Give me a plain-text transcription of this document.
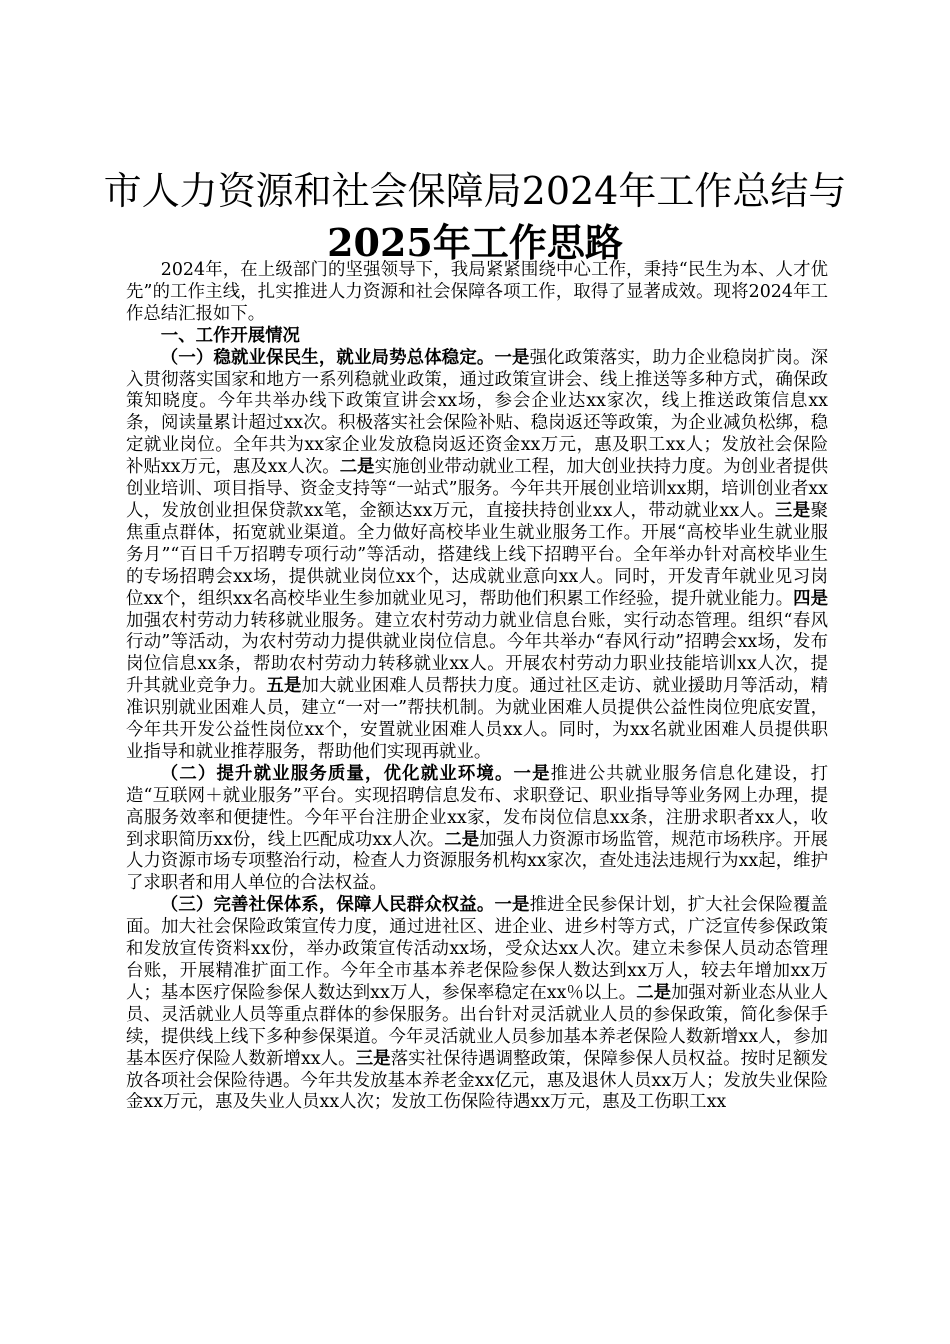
市人力资源和社会保障局2024年工作总结与
2025年工作思路

2024年，在上级部门的坚强领导下，我局紧紧围绕中心工作，秉持“民生为本、人才优先”的工作主线，扎实推进人力资源和社会保障各项工作，取得了显著成效。现将2024年工作总结汇报如下。

一、工作开展情况

（一）稳就业保民生，就业局势总体稳定。一是强化政策落实，助力企业稳岗扩岗。深入贯彻落实国家和地方一系列稳就业政策，通过政策宣讲会、线上推送等多种方式，确保政策知晓度。今年共举办线下政策宣讲会xx场，参会企业达xx家次，线上推送政策信息xx条，阅读量累计超过xx次。积极落实社会保险补贴、稳岗返还等政策，为企业减负松绑，稳定就业岗位。全年共为xx家企业发放稳岗返还资金xx万元，惠及职工xx人；发放社会保险补贴xx万元，惠及xx人次。二是实施创业带动就业工程，加大创业扶持力度。为创业者提供创业培训、项目指导、资金支持等“一站式”服务。今年共开展创业培训xx期，培训创业者xx人，发放创业担保贷款xx笔，金额达xx万元，直接扶持创业xx人，带动就业xx人。三是聚焦重点群体，拓宽就业渠道。全力做好高校毕业生就业服务工作。开展“高校毕业生就业服务月”“百日千万招聘专项行动”等活动，搭建线上线下招聘平台。全年举办针对高校毕业生的专场招聘会xx场，提供就业岗位xx个，达成就业意向xx人。同时，开发青年就业见习岗位xx个，组织xx名高校毕业生参加就业见习，帮助他们积累工作经验，提升就业能力。四是加强农村劳动力转移就业服务。建立农村劳动力就业信息台账，实行动态管理。组织“春风行动”等活动，为农村劳动力提供就业岗位信息。今年共举办“春风行动”招聘会xx场，发布岗位信息xx条，帮助农村劳动力转移就业xx人。开展农村劳动力职业技能培训xx人次，提升其就业竞争力。五是加大就业困难人员帮扶力度。通过社区走访、就业援助月等活动，精准识别就业困难人员，建立“一对一”帮扶机制。为就业困难人员提供公益性岗位兜底安置，今年共开发公益性岗位xx个，安置就业困难人员xx人。同时，为xx名就业困难人员提供职业指导和就业推荐服务，帮助他们实现再就业。

（二）提升就业服务质量，优化就业环境。一是推进公共就业服务信息化建设，打造“互联网＋就业服务”平台。实现招聘信息发布、求职登记、职业指导等业务网上办理，提高服务效率和便捷性。今年平台注册企业xx家，发布岗位信息xx条，注册求职者xx人，收到求职简历xx份，线上匹配成功xx人次。二是加强人力资源市场监管，规范市场秩序。开展人力资源市场专项整治行动，检查人力资源服务机构xx家次，查处违法违规行为xx起，维护了求职者和用人单位的合法权益。

（三）完善社保体系，保障人民群众权益。一是推进全民参保计划，扩大社会保险覆盖面。加大社会保险政策宣传力度，通过进社区、进企业、进乡村等方式，广泛宣传参保政策和发放宣传资料xx份，举办政策宣传活动xx场，受众达xx人次。建立未参保人员动态管理台账，开展精准扩面工作。今年全市基本养老保险参保人数达到xx万人，较去年增加xx万人；基本医疗保险参保人数达到xx万人，参保率稳定在xx％以上。二是加强对新业态从业人员、灵活就业人员等重点群体的参保服务。出台针对灵活就业人员的参保政策，简化参保手续，提供线上线下多种参保渠道。今年灵活就业人员参加基本养老保险人数新增xx人，参加基本医疗保险人数新增xx人。三是落实社保待遇调整政策，保障参保人员权益。按时足额发放各项社会保险待遇。今年共发放基本养老金xx亿元，惠及退休人员xx万人；发放失业保险金xx万元，惠及失业人员xx人次；发放工伤保险待遇xx万元，惠及工伤职工xx
